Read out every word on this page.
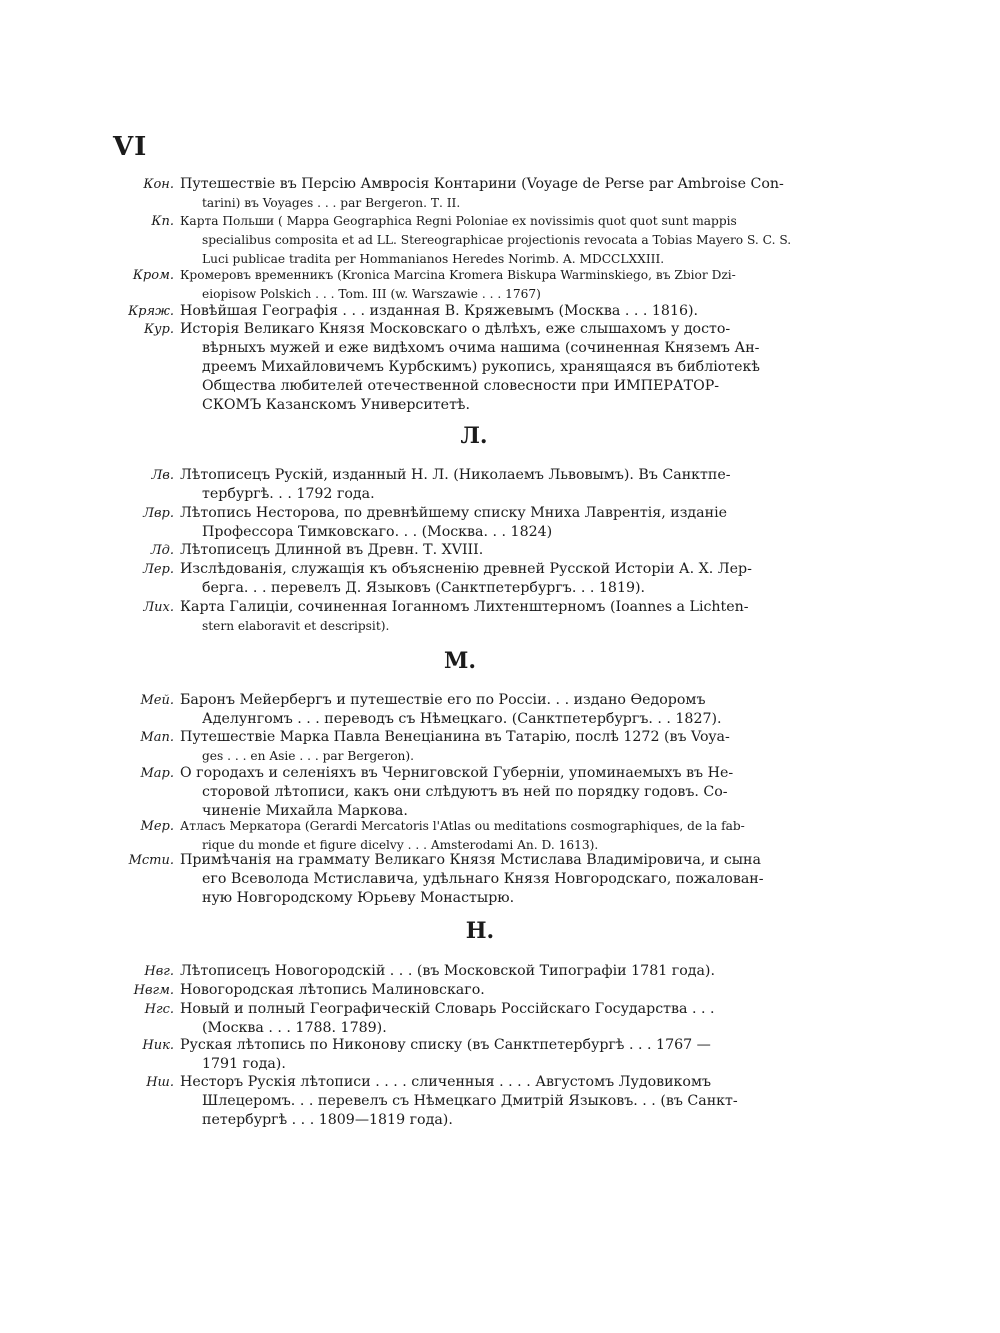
VI
Кон. Путешествіе въ Персію Амвросія Контарини (Voyage de Perse par Ambroise Con-
tarini) въ Voyages . . . par Bergeron. Т. II.
Кп. Карта Польши ( Mappa Geographica Regni Poloniae ex novissimis quot quot sunt mappis
specialibus composita et ad LL. Stereographicae projectionis revocata a Tobias Mayero S. C. S.
Luci publicae tradita per Hommanianos Heredes Norimb. A. MDCCLXXIII.
Кром. Кромеровъ временникъ (Kronica Marcina Kromera Biskupa Warminskiego, въ Zbior Dzi-
eiopisow Polskich . . . Tom. III (w. Warszawie . . . 1767)
Кряж. Новѣйшая Географія . . . изданная В. Кряжевымъ (Москва . . . 1816).
Кур. Исторія Великаго Князя Московскаго о дѣлѣхъ, еже слышахомъ у досто-
вѣрныхъ мужей и еже видѣхомъ очима нашима (сочиненная Княземъ Ан-
дреемъ Михайловичемъ Курбскимъ) рукопись, хранящаяся въ библіотекѣ
Общества любителей отечественной словесности при ИМПЕРАТОР-
СКОМЪ Казанскомъ Университетѣ.
Л.
Лв. Лѣтописецъ Рускій, изданный Н. Л. (Николаемъ Львовымъ). Въ Санктпе-
тербургѣ. . . 1792 года.
Лвр. Лѣтопись Несторова, по древнѣйшему списку Мниха Лаврентія, изданіе
Профессора Тимковскаго. . . (Москва. . . 1824)
Лд. Лѣтописецъ Длинной въ Древн. Т. XVIII.
Лер. Изслѣдованія, служащія къ объясненію древней Русской Исторіи А. Х. Лер-
берга. . . перевелъ Д. Языковъ (Санктпетербургъ. . . 1819).
Лих. Карта Галиціи, сочиненная Іоганномъ Лихтенштерномъ (Ioannes a Lichten-
stern elaboravit et descripsit).
М.
Мей. Баронъ Мейербергъ и путешествіе его по Россіи. . . издано Ѳедоромъ
Аделунгомъ . . . переводъ съ Нѣмецкаго. (Санктпетербургъ. . . 1827).
Мап. Путешествіе Марка Павла Венеціанина въ Татарію, послѣ 1272 (въ Voya-
ges . . . en Asie . . . par Bergeron).
Мар. О городахъ и селеніяхъ въ Черниговской Губерніи, упоминаемыхъ въ Не-
сторовой лѣтописи, какъ они слѣдуютъ въ ней по порядку годовъ. Со-
чиненіе Михайла Маркова.
Мер. Атласъ Меркатора (Gerardi Mercatoris l'Atlas ou meditations cosmographiques, de la fab-
rique du monde et figure dicelvy . . . Amsterodami An. D. 1613).
Мсти. Примѣчанія на граммату Великаго Князя Мстислава Владиміровича, и сына
его Всеволода Мстиславича, удѣльнаго Князя Новгородскаго, пожалован-
ную Новгородскому Юрьеву Монастырю.
Н.
Нвг. Лѣтописецъ Новогородскій . . . (въ Московской Типографіи 1781 года).
Нвгм. Новогородская лѣтопись Малиновскаго.
Нгс. Новый и полный Географическій Словарь Россійскаго Государства . . .
(Москва . . . 1788. 1789).
Ник. Руская лѣтопись по Никонову списку (въ Санктпетербургѣ . . . 1767 —
1791 года).
Нш. Несторъ Рускія лѣтописи . . . . сличенныя . . . . Августомъ Лудовикомъ
Шлецеромъ. . . перевелъ съ Нѣмецкаго Дмитрій Языковъ. . . (въ Санкт-
петербургѣ . . . 1809—1819 года).
